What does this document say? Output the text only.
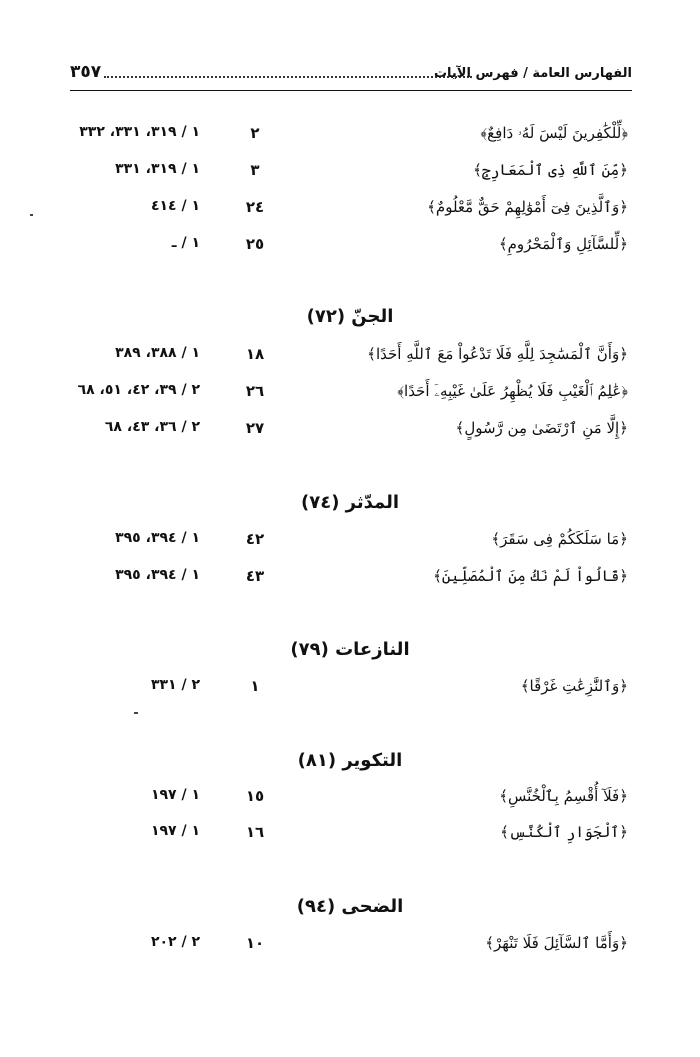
٣٥٧	الفهارس العامة / فهرس الآيات
﴿لِّلْكَٰفِرينَ لَيْسَ لَهُۥ دَافِعٌ﴾
٢
١ / ٣١٩، ٣٣١، ٣٣٢
﴿مِّنَ ٱللَّهِ ذِى ٱلْمَعَارِجِ﴾
٣
١ / ٣١٩، ٣٣١
﴿وَٱلَّذِينَ فِىٓ أَمْوَٰلِهِمْ حَقٌّ مَّعْلُومٌ﴾
٢٤
١ / ٤١٤
﴿لِّلسَّآئِلِ وَٱلْمَحْرُومِ﴾
٢٥
١ / ـ
الجنّ (٧٢)
﴿وَأَنَّ ٱلْمَسَٰجِدَ لِلَّهِ فَلَا تَدْعُواْ مَعَ ٱللَّهِ أَحَدًا﴾
١٨
١ / ٣٨٨، ٣٨٩
﴿عَٰلِمُ ٱلْغَيْبِ فَلَا يُظْهِرُ عَلَىٰ غَيْبِهِۦٓ أَحَدًا﴾
٢٦
٢ / ٣٩، ٤٢، ٥١، ٦٨
﴿إِلَّا مَنِ ٱرْتَضَىٰ مِن رَّسُولٍ﴾
٢٧
٢ / ٣٦، ٤٣، ٦٨
المدّثر (٧٤)
﴿مَا سَلَكَكُمْ فِى سَقَرَ﴾
٤٢
١ / ٣٩٤، ٣٩٥
﴿قَالُواْ لَمْ نَكُ مِنَ ٱلْمُصَلِّينَ﴾
٤٣
١ / ٣٩٤، ٣٩٥
النازعات (٧٩)
﴿وَٱلنَّٰزِعَٰتِ غَرْقًا﴾
١
٢ / ٣٣١
التكوير (٨١)
﴿فَلَآ أُقْسِمُ بِٱلْخُنَّسِ﴾
١٥
١ / ١٩٧
﴿ٱلْجَوَارِ ٱلْكُنَّسِ﴾
١٦
١ / ١٩٧
الضحى (٩٤)
﴿وَأَمَّا ٱلسَّآئِلَ فَلَا تَنْهَرْ﴾
١٠
٢ / ٢٠٢
